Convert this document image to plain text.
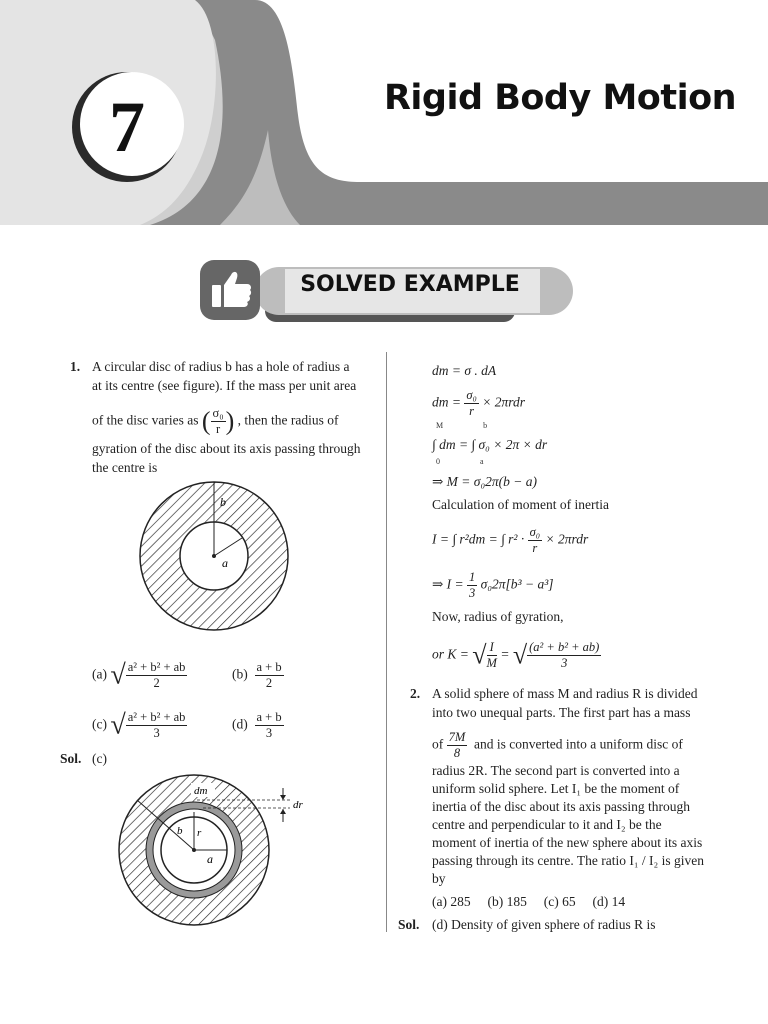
7	Rigid Body Motion
SOLVED EXAMPLE
1. A circular disc of radius b has a hole of radius a
at its centre (see figure). If the mass per unit area
of the disc varies as ( $\frac{\text{σ₀}}{r}$ ) , then the radius of
gyration of the disc about its axis passing through
the centre is
b
a
(a) √ $\frac{\text{a² + b² + ab}}{2}$	$(b) \frac{a + b}{2}$
(c) √ $\frac{\text{a² + b² + ab}}{3}$	$(d) \frac{a + b}{3}$
Sol. (c)
dm
dr
b r
a
dm = σ . dA
dm = $\frac{\text{σ₀}}{r} \times 2\pi rdr$
∫ dm = ∫ σ₀ × 2π × dr
M                    b
0                    a
⇒ M = σ₀2π(b − a)
Calculation of moment of inertia
I = ∫ r²dm = ∫ $r^2 \cdot \frac{\text{σ₀}}{r} \times 2\pi rdr$
⇒ $I = \frac{1}{3} \sigma_02\pi[b^3 - a^3]$
Now, radius of gyration,
or K = √ $\frac{I}{M}$ = √ $\frac{\text{(a² + b² + ab)}}{3}$
2. A solid sphere of mass M and radius R is divided
into two unequal parts. The first part has a mass
of $\frac{7M}{8}$ and is converted into a uniform disc of
radius 2R. The second part is converted into a
uniform solid sphere. Let I₁ be the moment of
inertia of the disc about its axis passing through
centre and perpendicular to it and I₂ be the
moment of inertia of the new sphere about its axis
passing through its centre. The ratio I₁ / I₂ is given
by
(a) 285     (b) 185     (c) 65     (d) 14
Sol. (d) Density of given sphere of radius R is
